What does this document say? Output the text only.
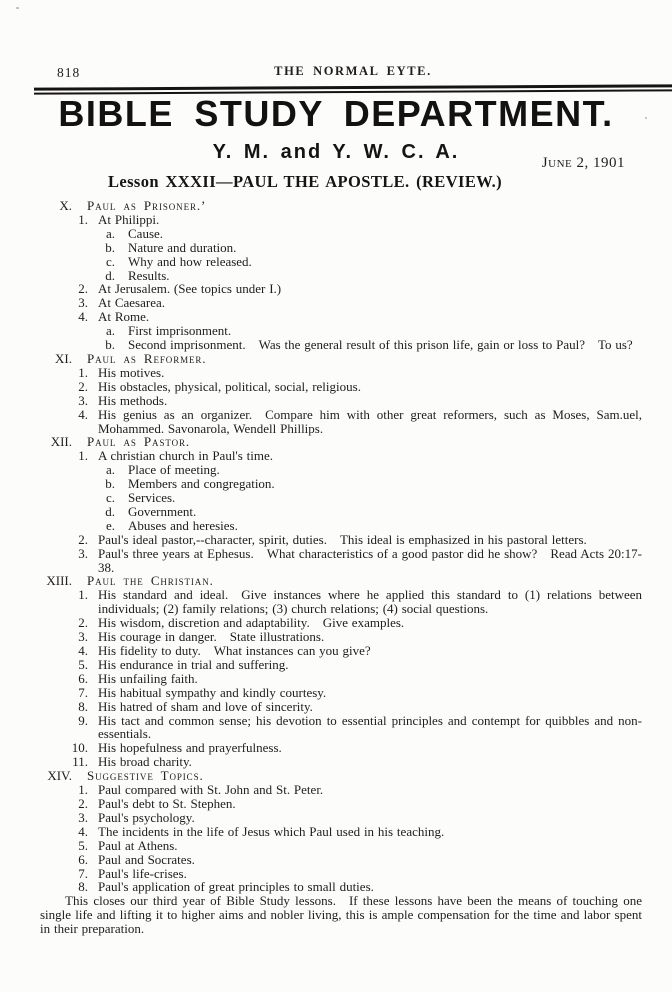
818	THE NORMAL EYTE.
BIBLE STUDY DEPARTMENT.
Y. M. and Y. W. C. A.	June 2, 1901
Lesson XXXII—PAUL THE APOSTLE. (REVIEW.)
X. Paul as Prisoner.’
1. At Philippi.
a. Cause.
b. Nature and duration.
c. Why and how released.
d. Results.
2. At Jerusalem. (See topics under I.)
3. At Caesarea.
4. At Rome.
a. First imprisonment.
b. Second imprisonment. Was the general result of this prison life, gain or loss to Paul? To us?
XI. Paul as Reformer.
1. His motives.
2. His obstacles, physical, political, social, religious.
3. His methods.
4. His genius as an organizer. Compare him with other great reformers, such as Moses, Sam.uel, Mohammed. Savonarola, Wendell Phillips.
XII. Paul as Pastor.
1. A christian church in Paul's time.
a. Place of meeting.
b. Members and congregation.
c. Services.
d. Government.
e. Abuses and heresies.
2. Paul's ideal pastor,--character, spirit, duties. This ideal is emphasized in his pastoral letters.
3. Paul's three years at Ephesus. What characteristics of a good pastor did he show? Read Acts 20:17-38.
XIII. Paul the Christian.
1. His standard and ideal. Give instances where he applied this standard to (1) relations between individuals; (2) family relations; (3) church relations; (4) social questions.
2. His wisdom, discretion and adaptability. Give examples.
3. His courage in danger. State illustrations.
4. His fidelity to duty. What instances can you give?
5. His endurance in trial and suffering.
6. His unfailing faith.
7. His habitual sympathy and kindly courtesy.
8. His hatred of sham and love of sincerity.
9. His tact and common sense; his devotion to essential principles and contempt for quibbles and non-essentials.
10. His hopefulness and prayerfulness.
11. His broad charity.
XIV. Suggestive Topics.
1. Paul compared with St. John and St. Peter.
2. Paul's debt to St. Stephen.
3. Paul's psychology.
4. The incidents in the life of Jesus which Paul used in his teaching.
5. Paul at Athens.
6. Paul and Socrates.
7. Paul's life-crises.
8. Paul's application of great principles to small duties.

This closes our third year of Bible Study lessons. If these lessons have been the means of touching one single life and lifting it to higher aims and nobler living, this is ample compensation for the time and labor spent in their preparation.
